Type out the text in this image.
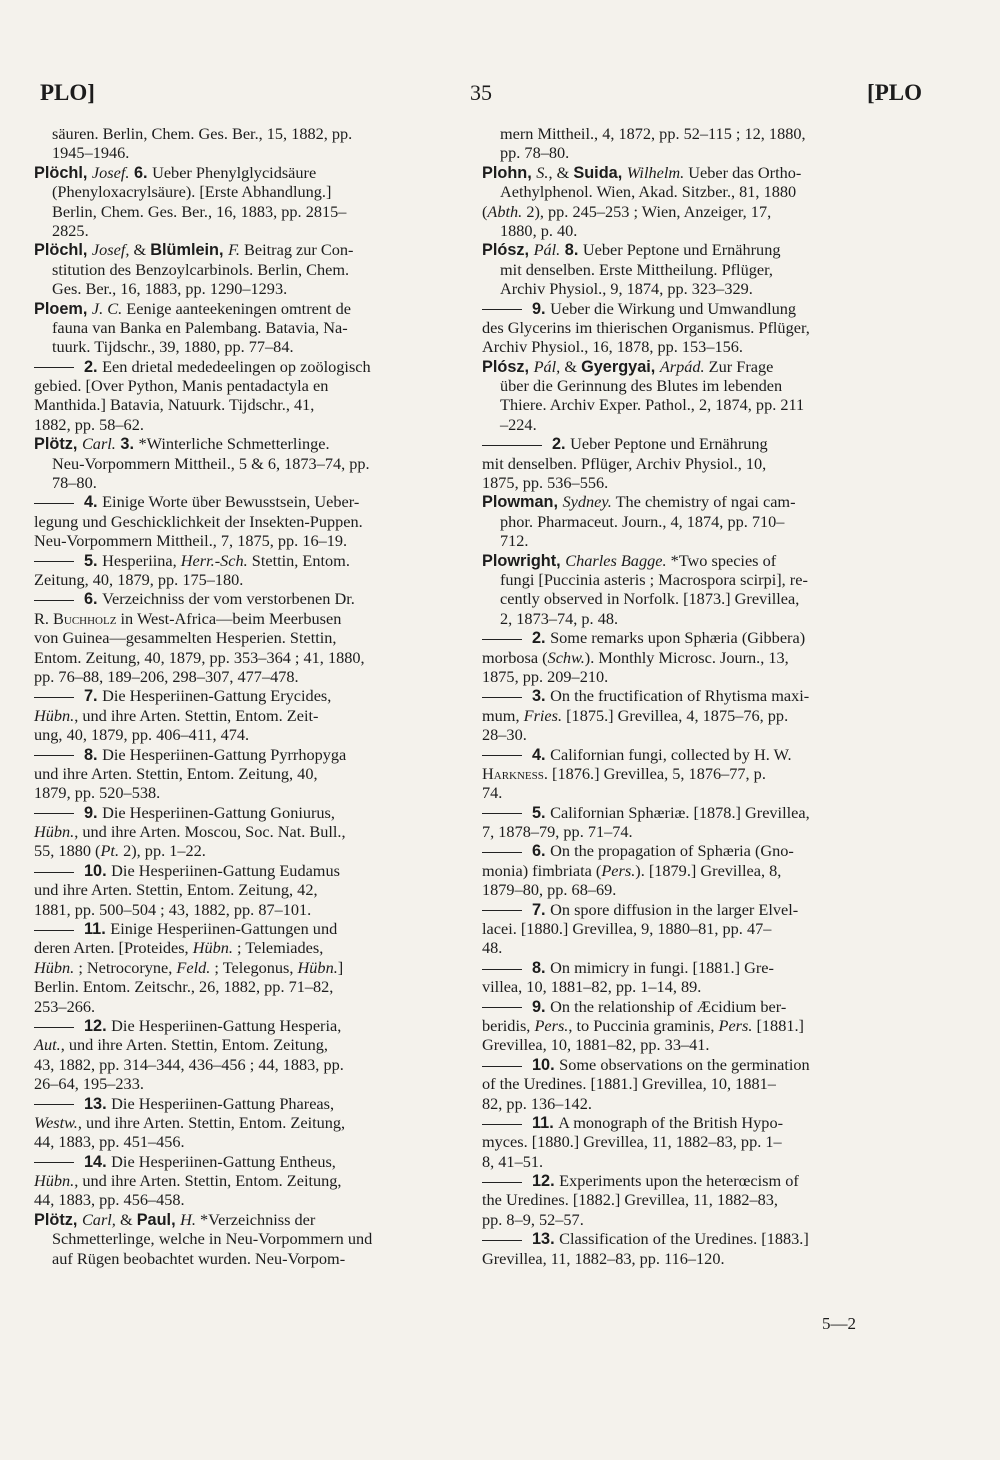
PLO]	35	[PLO
säuren. Berlin, Chem. Ges. Ber., 15, 1882, pp.
1945–1946.
Plöchl, Josef. 6. Ueber Phenylglycidsäure
(Phenyloxacrylsäure). [Erste Abhandlung.]
Berlin, Chem. Ges. Ber., 16, 1883, pp. 2815–
2825.
Plöchl, Josef, & Blümlein, F. Beitrag zur Con-
stitution des Benzoylcarbinols. Berlin, Chem.
Ges. Ber., 16, 1883, pp. 1290–1293.
Ploem, J. C. Eenige aanteekeningen omtrent de
fauna van Banka en Palembang. Batavia, Na-
tuurk. Tijdschr., 39, 1880, pp. 77–84.
2. Een drietal mededeelingen op zoölogisch
gebied. [Over Python, Manis pentadactyla en
Manthida.] Batavia, Natuurk. Tijdschr., 41,
1882, pp. 58–62.
Plötz, Carl. 3. *Winterliche Schmetterlinge.
Neu-Vorpommern Mittheil., 5 & 6, 1873–74, pp.
78–80.
4. Einige Worte über Bewusstsein, Ueber-
legung und Geschicklichkeit der Insekten-Puppen.
Neu-Vorpommern Mittheil., 7, 1875, pp. 16–19.
5. Hesperiina, Herr.-Sch. Stettin, Entom.
Zeitung, 40, 1879, pp. 175–180.
6. Verzeichniss der vom verstorbenen Dr.
R. Buchholz in West-Africa—beim Meerbusen
von Guinea—gesammelten Hesperien. Stettin,
Entom. Zeitung, 40, 1879, pp. 353–364 ; 41, 1880,
pp. 76–88, 189–206, 298–307, 477–478.
7. Die Hesperiinen-Gattung Erycides,
Hübn., und ihre Arten. Stettin, Entom. Zeit-
ung, 40, 1879, pp. 406–411, 474.
8. Die Hesperiinen-Gattung Pyrrhopyga
und ihre Arten. Stettin, Entom. Zeitung, 40,
1879, pp. 520–538.
9. Die Hesperiinen-Gattung Goniurus,
Hübn., und ihre Arten. Moscou, Soc. Nat. Bull.,
55, 1880 (Pt. 2), pp. 1–22.
10. Die Hesperiinen-Gattung Eudamus
und ihre Arten. Stettin, Entom. Zeitung, 42,
1881, pp. 500–504 ; 43, 1882, pp. 87–101.
11. Einige Hesperiinen-Gattungen und
deren Arten. [Proteides, Hübn. ; Telemiades,
Hübn. ; Netrocoryne, Feld. ; Telegonus, Hübn.]
Berlin. Entom. Zeitschr., 26, 1882, pp. 71–82,
253–266.
12. Die Hesperiinen-Gattung Hesperia,
Aut., und ihre Arten. Stettin, Entom. Zeitung,
43, 1882, pp. 314–344, 436–456 ; 44, 1883, pp.
26–64, 195–233.
13. Die Hesperiinen-Gattung Phareas,
Westw., und ihre Arten. Stettin, Entom. Zeitung,
44, 1883, pp. 451–456.
14. Die Hesperiinen-Gattung Entheus,
Hübn., und ihre Arten. Stettin, Entom. Zeitung,
44, 1883, pp. 456–458.
Plötz, Carl, & Paul, H. *Verzeichniss der
Schmetterlinge, welche in Neu-Vorpommern und
auf Rügen beobachtet wurden. Neu-Vorpom-
mern Mittheil., 4, 1872, pp. 52–115 ; 12, 1880,
pp. 78–80.
Plohn, S., & Suida, Wilhelm. Ueber das Ortho-
Aethylphenol. Wien, Akad. Sitzber., 81, 1880
(Abth. 2), pp. 245–253 ; Wien, Anzeiger, 17,
1880, p. 40.
Plósz, Pál. 8. Ueber Peptone und Ernährung
mit denselben. Erste Mittheilung. Pflüger,
Archiv Physiol., 9, 1874, pp. 323–329.
9. Ueber die Wirkung und Umwandlung
des Glycerins im thierischen Organismus. Pflüger,
Archiv Physiol., 16, 1878, pp. 153–156.
Plósz, Pál, & Gyergyai, Arpád. Zur Frage
über die Gerinnung des Blutes im lebenden
Thiere. Archiv Exper. Pathol., 2, 1874, pp. 211
–224.
2. Ueber Peptone und Ernährung
mit denselben. Pflüger, Archiv Physiol., 10,
1875, pp. 536–556.
Plowman, Sydney. The chemistry of ngai cam-
phor. Pharmaceut. Journ., 4, 1874, pp. 710–
712.
Plowright, Charles Bagge. *Two species of
fungi [Puccinia asteris ; Macrospora scirpi], re-
cently observed in Norfolk. [1873.] Grevillea,
2, 1873–74, p. 48.
2. Some remarks upon Sphæria (Gibbera)
morbosa (Schw.). Monthly Microsc. Journ., 13,
1875, pp. 209–210.
3. On the fructification of Rhytisma maxi-
mum, Fries. [1875.] Grevillea, 4, 1875–76, pp.
28–30.
4. Californian fungi, collected by H. W.
Harkness. [1876.] Grevillea, 5, 1876–77, p.
74.
5. Californian Sphæriæ. [1878.] Grevillea,
7, 1878–79, pp. 71–74.
6. On the propagation of Sphæria (Gno-
monia) fimbriata (Pers.). [1879.] Grevillea, 8,
1879–80, pp. 68–69.
7. On spore diffusion in the larger Elvel-
lacei. [1880.] Grevillea, 9, 1880–81, pp. 47–
48.
8. On mimicry in fungi. [1881.] Gre-
villea, 10, 1881–82, pp. 1–14, 89.
9. On the relationship of Æcidium ber-
beridis, Pers., to Puccinia graminis, Pers. [1881.]
Grevillea, 10, 1881–82, pp. 33–41.
10. Some observations on the germination
of the Uredines. [1881.] Grevillea, 10, 1881–
82, pp. 136–142.
11. A monograph of the British Hypo-
myces. [1880.] Grevillea, 11, 1882–83, pp. 1–
8, 41–51.
12. Experiments upon the heterœcism of
the Uredines. [1882.] Grevillea, 11, 1882–83,
pp. 8–9, 52–57.
13. Classification of the Uredines. [1883.]
Grevillea, 11, 1882–83, pp. 116–120.
5—2
